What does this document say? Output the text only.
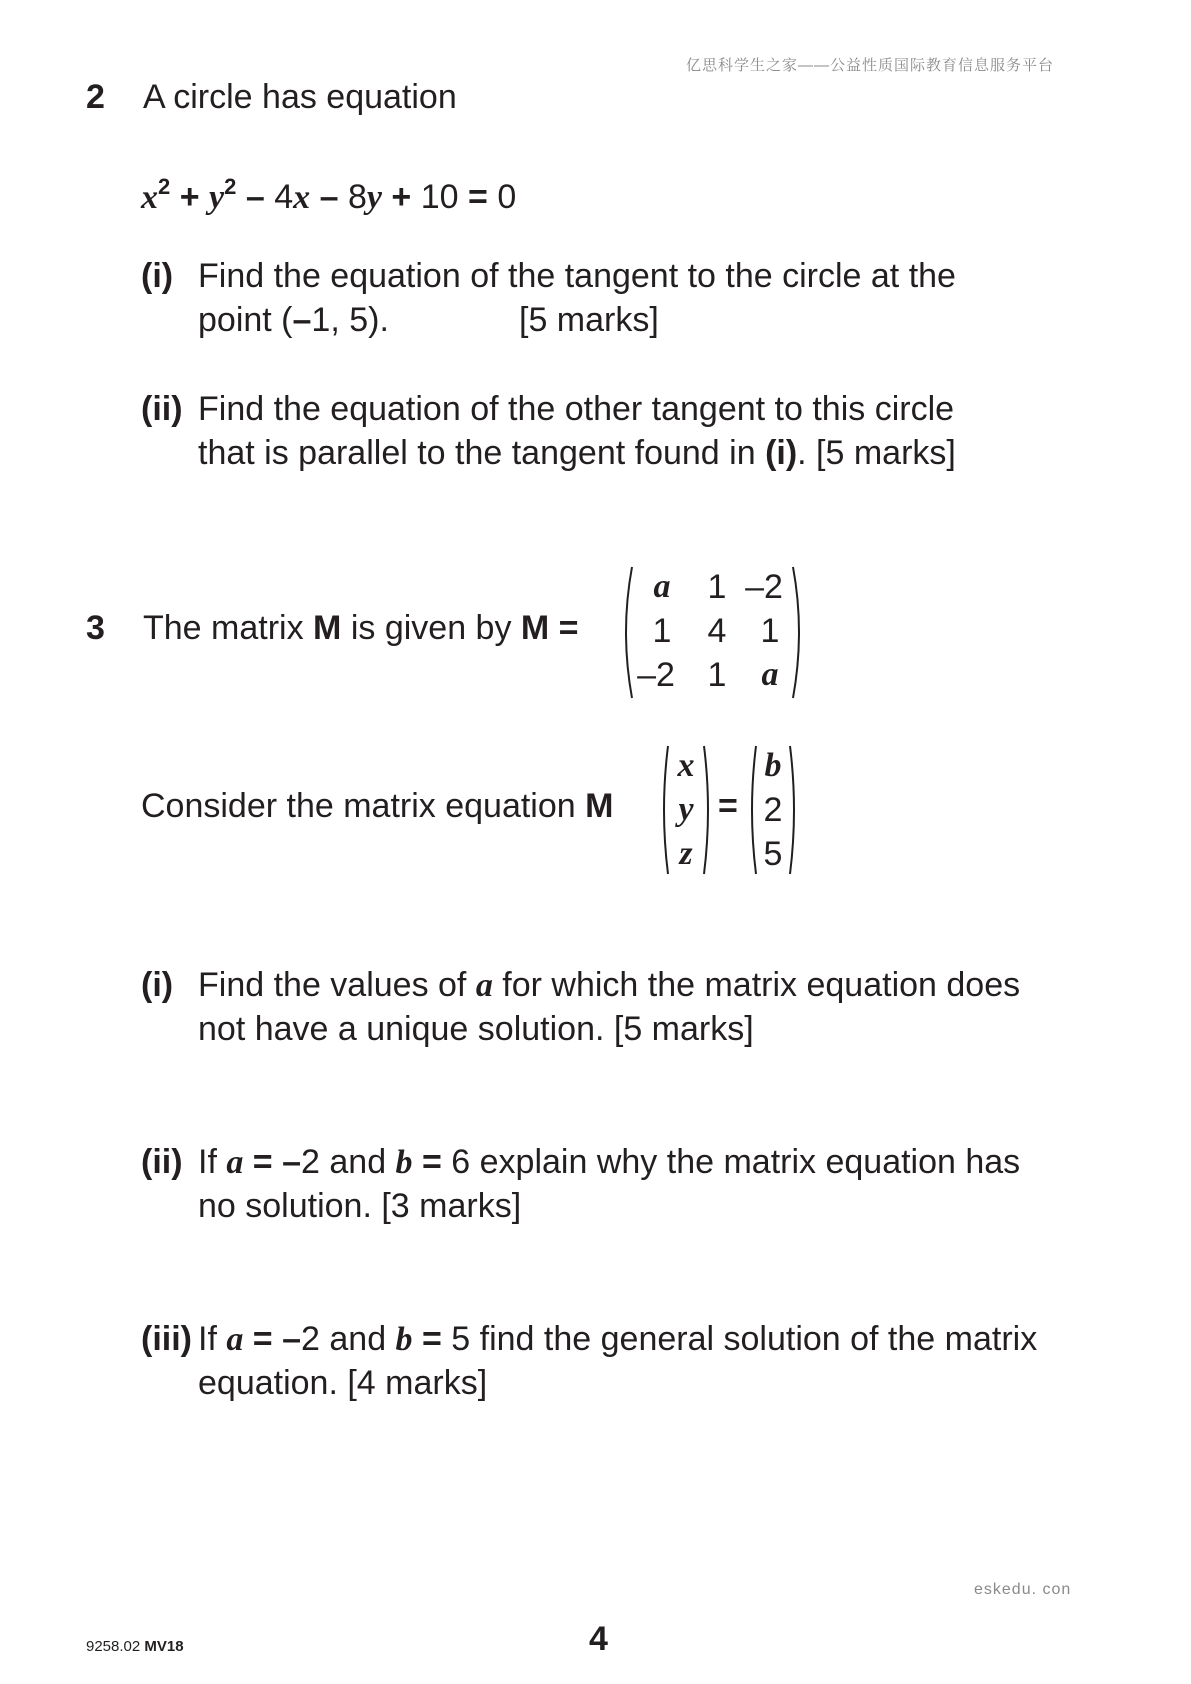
亿思科学生之家——公益性质国际教育信息服务平台
2 A circle has equation
$x^2 + y^2 - 4x - 8y + 10 = 0$
(i) Find the equation of the tangent to the circle at the
point (–1, 5).	[5 marks]
(ii) Find the equation of the other tangent to this circle
that is parallel to the tangent found in (i). [5 marks]
3 The matrix M is given by M =
a	1 –2
1	4	1
–2 1	a
Consider the matrix equation M
x
y
z
=
b
2
5
(i) Find the values of a for which the matrix equation does
not have a unique solution. [5 marks]
(ii) If a = –2 and b = 6 explain why the matrix equation has
no solution. [3 marks]
(iii) If a = –2 and b = 5 find the general solution of the matrix
equation. [4 marks]
eskedu. con
9258.02 MV18	4
